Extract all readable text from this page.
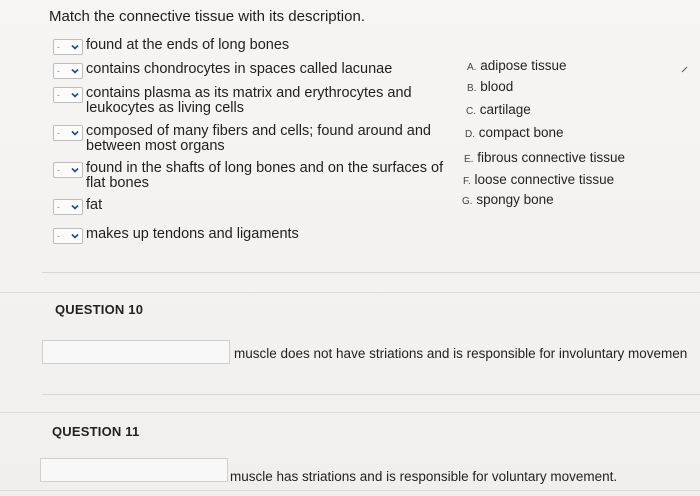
Match the connective tissue with its description.
- found at the ends of long bones
- contains chondrocytes in spaces called lacunae
- contains plasma as its matrix and erythrocytes and
leukocytes as living cells
- composed of many fibers and cells; found around and
between most organs
- found in the shafts of long bones and on the surfaces of
flat bones
- fat
- makes up tendons and ligaments
A. adipose tissue
B. blood
C. cartilage
D. compact bone
E. fibrous connective tissue
F. loose connective tissue
G. spongy bone
QUESTION 10
muscle does not have striations and is responsible for involuntary movemen
QUESTION 11
muscle has striations and is responsible for voluntary movement.
